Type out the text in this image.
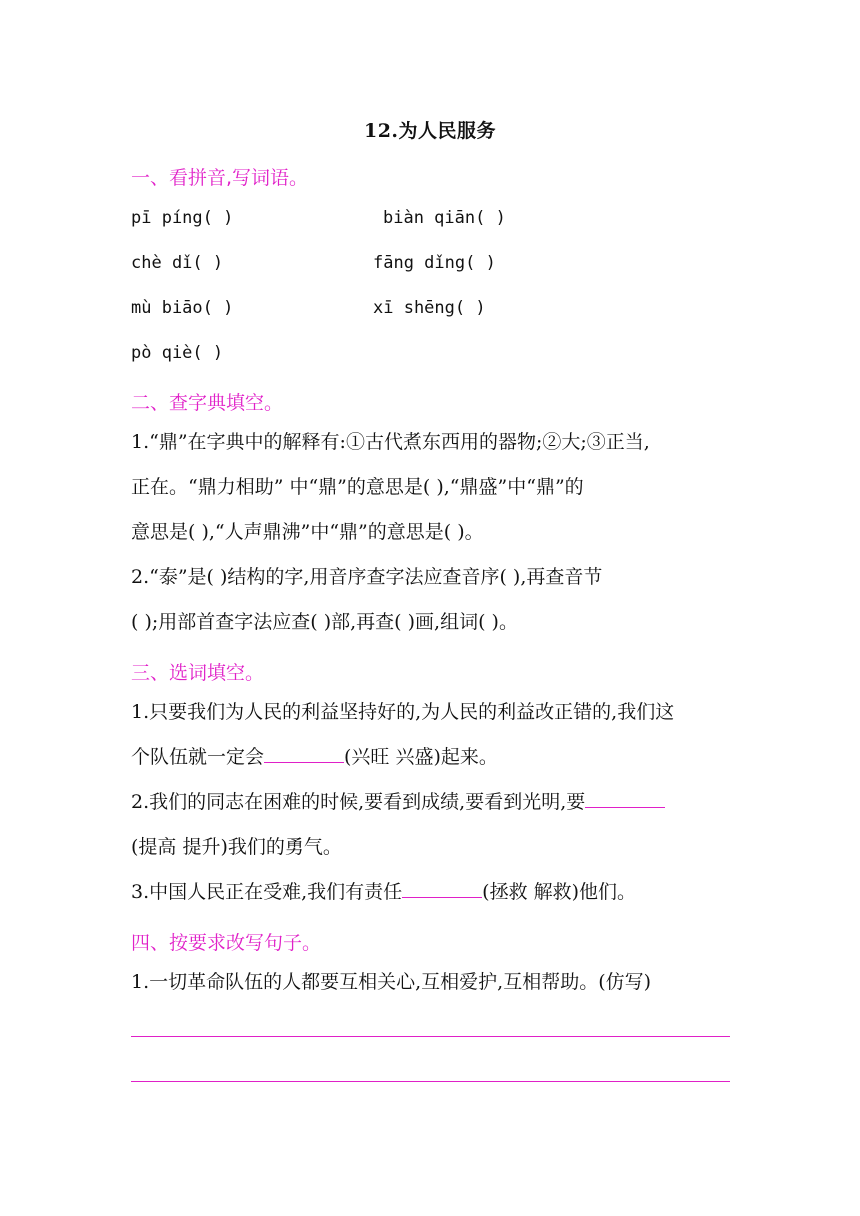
12.为人民服务
一、看拼音,写词语。
pī píng( )	biàn qiān( )
chè dǐ( )	fāng dǐng( )
mù biāo( )	xī shēng( )
pò qiè( )
二、查字典填空。
1.“鼎”在字典中的解释有:①古代煮东西用的器物;②大;③正当,
正在。“鼎力相助” 中“鼎”的意思是( ),“鼎盛”中“鼎”的
意思是( ),“人声鼎沸”中“鼎”的意思是( )。
2.“泰”是( )结构的字,用音序查字法应查音序( ),再查音节
( );用部首查字法应查( )部,再查( )画,组词( )。
三、选词填空。
1.只要我们为人民的利益坚持好的,为人民的利益改正错的,我们这
个队伍就一定会	(兴旺 兴盛)起来。
2.我们的同志在困难的时候,要看到成绩,要看到光明,要
(提高 提升)我们的勇气。
3.中国人民正在受难,我们有责任	(拯救 解救)他们。
四、按要求改写句子。
1.一切革命队伍的人都要互相关心,互相爱护,互相帮助。(仿写)
